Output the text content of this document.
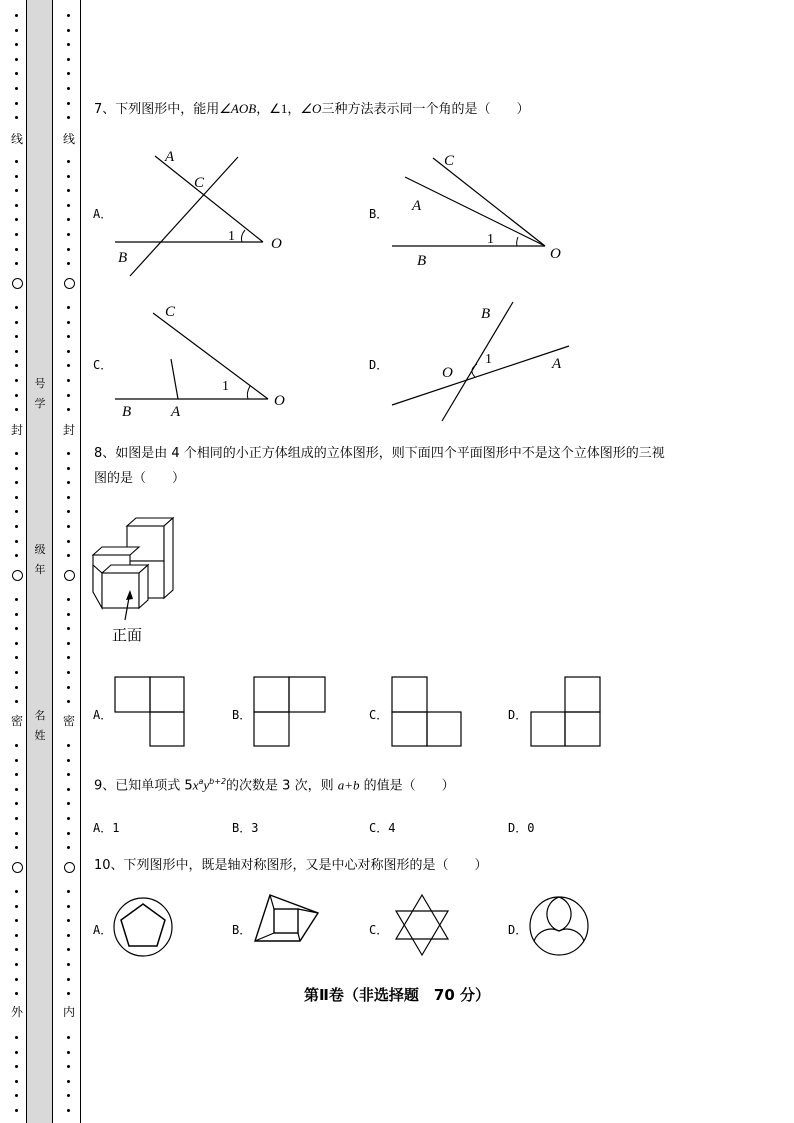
线
封
密
外
线
封
密
内
号
学
级
年
名
姓
7、下列图形中，能用∠AOB，∠1，∠O三种方法表示同一个角的是（　　）
A．
A
C
1 O
B
B．
C
A
1
O
B
C．
C
1
O
B	A
D．
B
1
O
A
8、如图是由 4 个相同的小正方体组成的立体图形，则下面四个平面图形中不是这个立体图形的三视
图的是（　　）
正面
A．	B．	C．	D．
9、已知单项式 $5x^ay^{b+2}$的次数是 3 次，则 a+b 的值是（　　）
A．1	B．3	C．4	D．0
10、下列图形中，既是轴对称图形，又是中心对称图形的是（　　）
A．	B．	C．	D．
第Ⅱ卷（非选择题　70 分）
